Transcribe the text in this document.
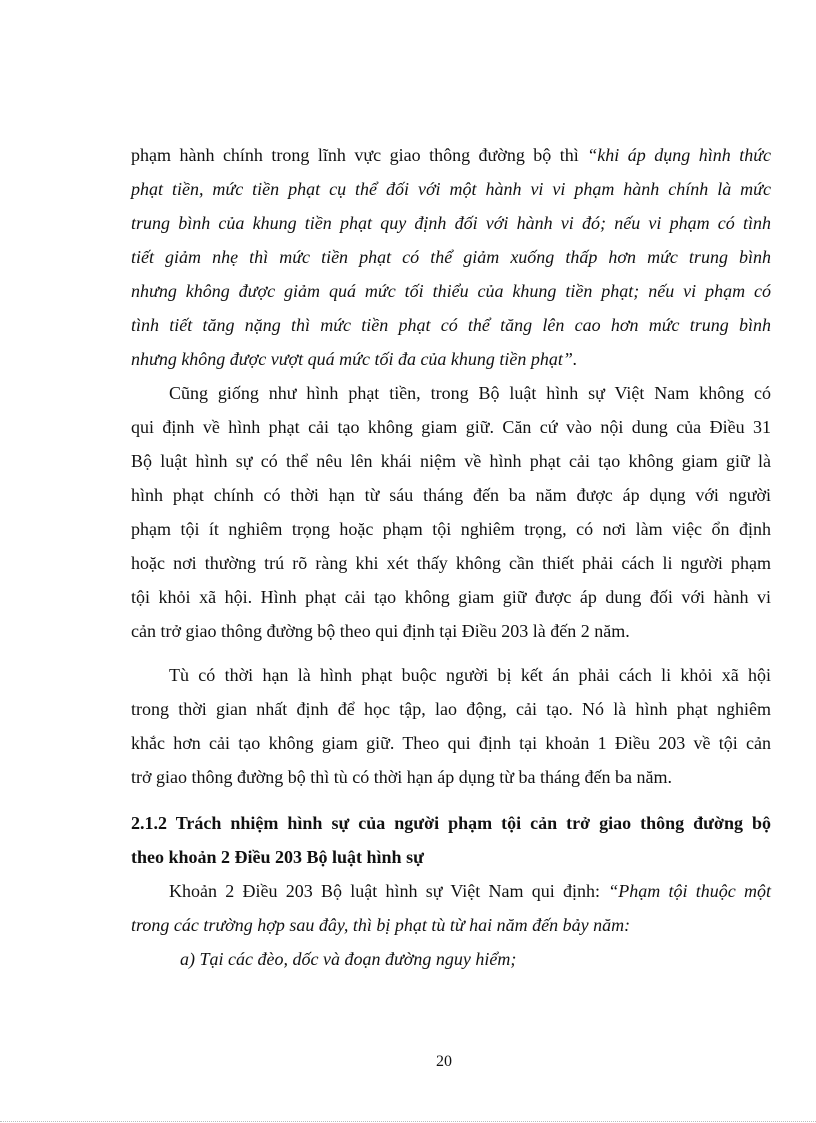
phạm hành chính trong lĩnh vực giao thông đường bộ thì “khi áp dụng hình thức
phạt tiền, mức tiền phạt cụ thể đối với một hành vi vi phạm hành chính là mức
trung bình của khung tiền phạt quy định đối với hành vi đó; nếu vi phạm có tình
tiết giảm nhẹ thì mức tiền phạt có thể giảm xuống thấp hơn mức trung bình
nhưng không được giảm quá mức tối thiểu của khung tiền phạt; nếu vi phạm có
tình tiết tăng nặng thì mức tiền phạt có thể tăng lên cao hơn mức trung bình
nhưng không được vượt quá mức tối đa của khung tiền phạt”.
Cũng giống như hình phạt tiền, trong Bộ luật hình sự Việt Nam không có
qui định về hình phạt cải tạo không giam giữ. Căn cứ vào nội dung của Điều 31
Bộ luật hình sự có thể nêu lên khái niệm về hình phạt cải tạo không giam giữ là
hình phạt chính có thời hạn từ sáu tháng đến ba năm được áp dụng với người
phạm tội ít nghiêm trọng hoặc phạm tội nghiêm trọng, có nơi làm việc ổn định
hoặc nơi thường trú rõ ràng khi xét thấy không cần thiết phải cách li người phạm
tội khỏi xã hội. Hình phạt cải tạo không giam giữ được áp dung đối với hành vi
cản trở giao thông đường bộ theo qui định tại Điều 203 là đến 2 năm.
Tù có thời hạn là hình phạt buộc người bị kết án phải cách li khỏi xã hội
trong thời gian nhất định để học tập, lao động, cải tạo. Nó là hình phạt nghiêm
khắc hơn cải tạo không giam giữ. Theo qui định tại khoản 1 Điều 203 về tội cản
trở giao thông đường bộ thì tù có thời hạn áp dụng từ ba tháng đến ba năm.
2.1.2 Trách nhiệm hình sự của người phạm tội cản trở giao thông đường bộ
theo khoản 2 Điều 203 Bộ luật hình sự
Khoản 2 Điều 203 Bộ luật hình sự Việt Nam qui định: “Phạm tội thuộc một
trong các trường hợp sau đây, thì bị phạt tù từ hai năm đến bảy năm:
a) Tại các đèo, dốc và đoạn đường nguy hiểm;
20
